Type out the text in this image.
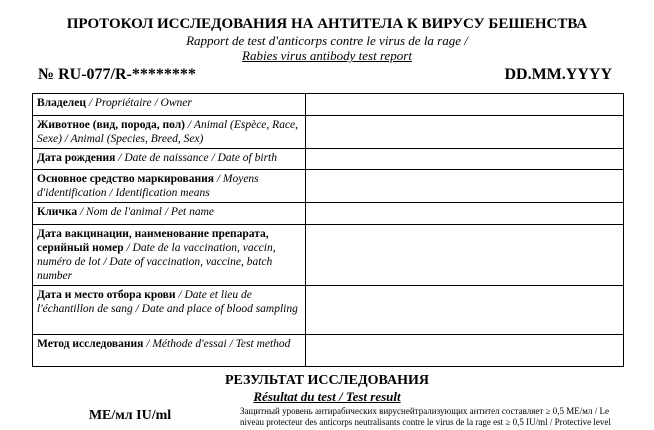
ПРОТОКОЛ ИССЛЕДОВАНИЯ НА АНТИТЕЛА К ВИРУСУ БЕШЕНСТВА
Rapport de test d'anticorps contre le virus de la rage /
Rabies virus antibody test report
№ RU-077/R-********	DD.MM.YYYY
Владелец / Propriétaire / Owner	
Животное (вид, порода, пол) / Animal (Espèce, Race, Sexe) / Animal (Species, Breed, Sex)	
Дата рождения / Date de naissance / Date of birth	
Основное средство маркирования / Moyens d'identification / Identification means	
Кличка / Nom de l'animal / Pet name	
Дата вакцинации, наименование препарата, серийный номер / Date de la vaccination, vaccin, numéro de lot / Date of vaccination, vaccine, batch number	
Дата и место отбора крови / Date et lieu de l'échantillon de sang / Date and place of blood sampling	
Метод исследования / Méthode d'essai / Test method	
РЕЗУЛЬТАТ ИССЛЕДОВАНИЯ
Résultat du test / Test result
МЕ/мл IU/ml	Защитный уровень антирабических вируснейтрализующих антител составляет ≥ 0,5 МЕ/мл / Le niveau protecteur des anticorps neutralisants contre le virus de la rage est ≥ 0,5 IU/ml / Protective level
